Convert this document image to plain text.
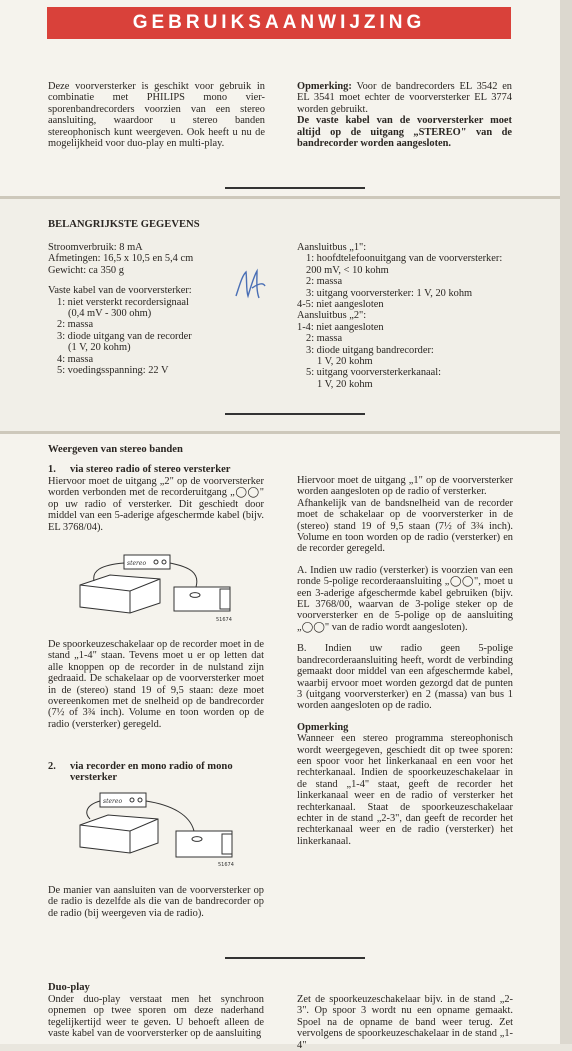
GEBRUIKSAANWIJZING
Deze voorversterker is geschikt voor gebruik in combinatie met PHILIPS mono vier-sporenbandrecorders voorzien van een stereo aansluiting, waardoor u stereo banden stereophonisch kunt weergeven. Ook heeft u nu de mogelijkheid voor duo-play en multi-play.
Opmerking: Voor de bandrecorders EL 3542 en EL 3541 moet echter de voorversterker EL 3774 worden gebruikt.
De vaste kabel van de voorversterker moet altijd op de uitgang „STEREO" van de bandrecorder worden aangesloten.
BELANGRIJKSTE GEGEVENS
Stroomverbruik: 8 mA
Afmetingen: 16,5 x 10,5 en 5,4 cm
Gewicht: ca 350 g
Vaste kabel van de voorversterker:
1: niet versterkt recordersignaal
(0,4 mV - 300 ohm)
2: massa
3: diode uitgang van de recorder
(1 V, 20 kohm)
4: massa
5: voedingsspanning: 22 V
Aansluitbus „1":
1: hoofdtelefoonuitgang van de voorversterker: 200 mV, < 10 kohm
2: massa
3: uitgang voorversterker: 1 V, 20 kohm
4-5: niet aangesloten
Aansluitbus „2":
1-4: niet aangesloten
2: massa
3: diode uitgang bandrecorder:
1 V, 20 kohm
5: uitgang voorversterkerkanaal:
1 V, 20 kohm
Weergeven van stereo banden
1. via stereo radio of stereo versterker
Hiervoor moet de uitgang „2" op de voorversterker worden verbonden met de recorderuitgang „◯◯" op uw radio of versterker. Dit geschiedt door middel van een 5-aderige afgeschermde kabel (bijv. EL 3768/04).
stereo
51674
De spoorkeuzeschakelaar op de recorder moet in de stand „1-4" staan. Tevens moet u er op letten dat alle knoppen op de recorder in de nulstand zijn gedraaid. De schakelaar op de voorversterker moet in de (stereo) stand 19 of 9,5 staan: deze moet overeenkomen met de snelheid op de bandrecorder (7½ of 3¾ inch). Volume en toon worden op de radio (versterker) geregeld.
2. via recorder en mono radio of mono versterker
stereo
51674
De manier van aansluiten van de voorversterker op de radio is dezelfde als die van de bandrecorder op de radio (bij weergeven via de radio).
Hiervoor moet de uitgang „1" op de voorversterker worden aangesloten op de radio of versterker.
Afhankelijk van de bandsnelheid van de recorder moet de schakelaar op de voorversterker in de (stereo) stand 19 of 9,5 staan (7½ of 3¾ inch). Volume en toon worden op de radio (versterker) en de recorder geregeld.
A. Indien uw radio (versterker) is voorzien van een ronde 5-polige recorderaansluiting „◯◯", moet u een 3-aderige afgeschermde kabel gebruiken (bijv. EL 3768/00, waarvan de 3-polige steker op de voorversterker en de 5-polige op de aansluiting „◯◯" van de radio wordt aangesloten).
B. Indien uw radio geen 5-polige bandrecorderaansluiting heeft, wordt de verbinding gemaakt door middel van een afgeschermde kabel, waarbij ervoor moet worden gezorgd dat de punten 3 (uitgang voorversterker) en 2 (massa) van bus 1 worden aangesloten op de radio.
Opmerking
Wanneer een stereo programma stereophonisch wordt weergegeven, geschiedt dit op twee sporen: een spoor voor het linkerkanaal en een voor het rechterkanaal. Indien de spoorkeuzeschakelaar in de stand „1-4" staat, geeft de recorder het linkerkanaal weer en de radio of versterker het rechterkanaal. Staat de spoorkeuzeschakelaar echter in de stand „2-3", dan geeft de recorder het rechterkanaal weer en de radio (versterker) het linkerkanaal.
Duo-play
Onder duo-play verstaat men het synchroon opnemen op twee sporen om deze naderhand tegelijkertijd weer te geven. U behoeft alleen de vaste kabel van de voorversterker op de aansluiting
Zet de spoorkeuzeschakelaar bijv. in de stand „2-3". Op spoor 3 wordt nu een opname gemaakt. Spoel na de opname de band weer terug. Zet vervolgens de spoorkeuzeschakelaar in de stand „1-4"
